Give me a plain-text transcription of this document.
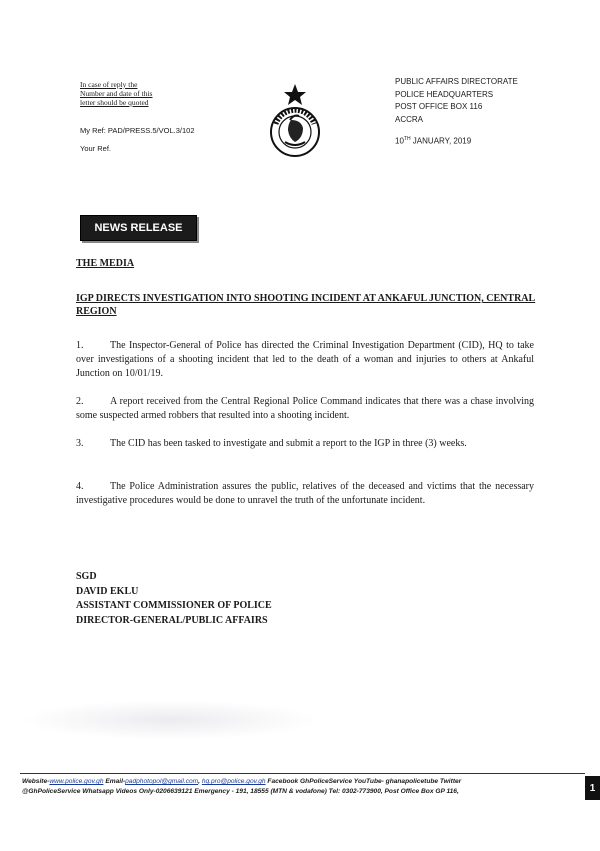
In case of reply the
Number and date of this
letter should be quoted
My Ref: PAD/PRESS.5/VOL.3/102
Your Ref.
PUBLIC AFFAIRS DIRECTORATE
POLICE HEADQUARTERS
POST OFFICE BOX 116
ACCRA
10TH JANUARY, 2019
NEWS RELEASE
THE MEDIA
IGP DIRECTS INVESTIGATION INTO SHOOTING INCIDENT AT ANKAFUL JUNCTION, CENTRAL REGION
1.	The Inspector-General of Police has directed the Criminal Investigation Department (CID), HQ to take over investigations of a shooting incident that led to the death of a woman and injuries to others at Ankaful Junction on 10/01/19.
2.	A report received from the Central Regional Police Command indicates that there was a chase involving some suspected armed robbers that resulted into a shooting incident.
3.	The CID has been tasked to investigate and submit a report to the IGP in three (3) weeks.
4.	The Police Administration assures the public, relatives of the deceased and victims that the necessary investigative procedures would be done to unravel the truth of the unfortunate incident.
SGD
DAVID EKLU
ASSISTANT COMMISSIONER OF POLICE
DIRECTOR-GENERAL/PUBLIC AFFAIRS
Website-www.police.gov.gh Email-padphotopol@gmail.com, hq.pro@police.gov.gh Facebook GhPoliceService YouTube- ghanapolicetube Twitter
@GhPoliceService Whatsapp Videos Only-0206639121 Emergency - 191, 18555 (MTN & vodafone) Tel: 0302-773900, Post Office Box GP 116,	1
